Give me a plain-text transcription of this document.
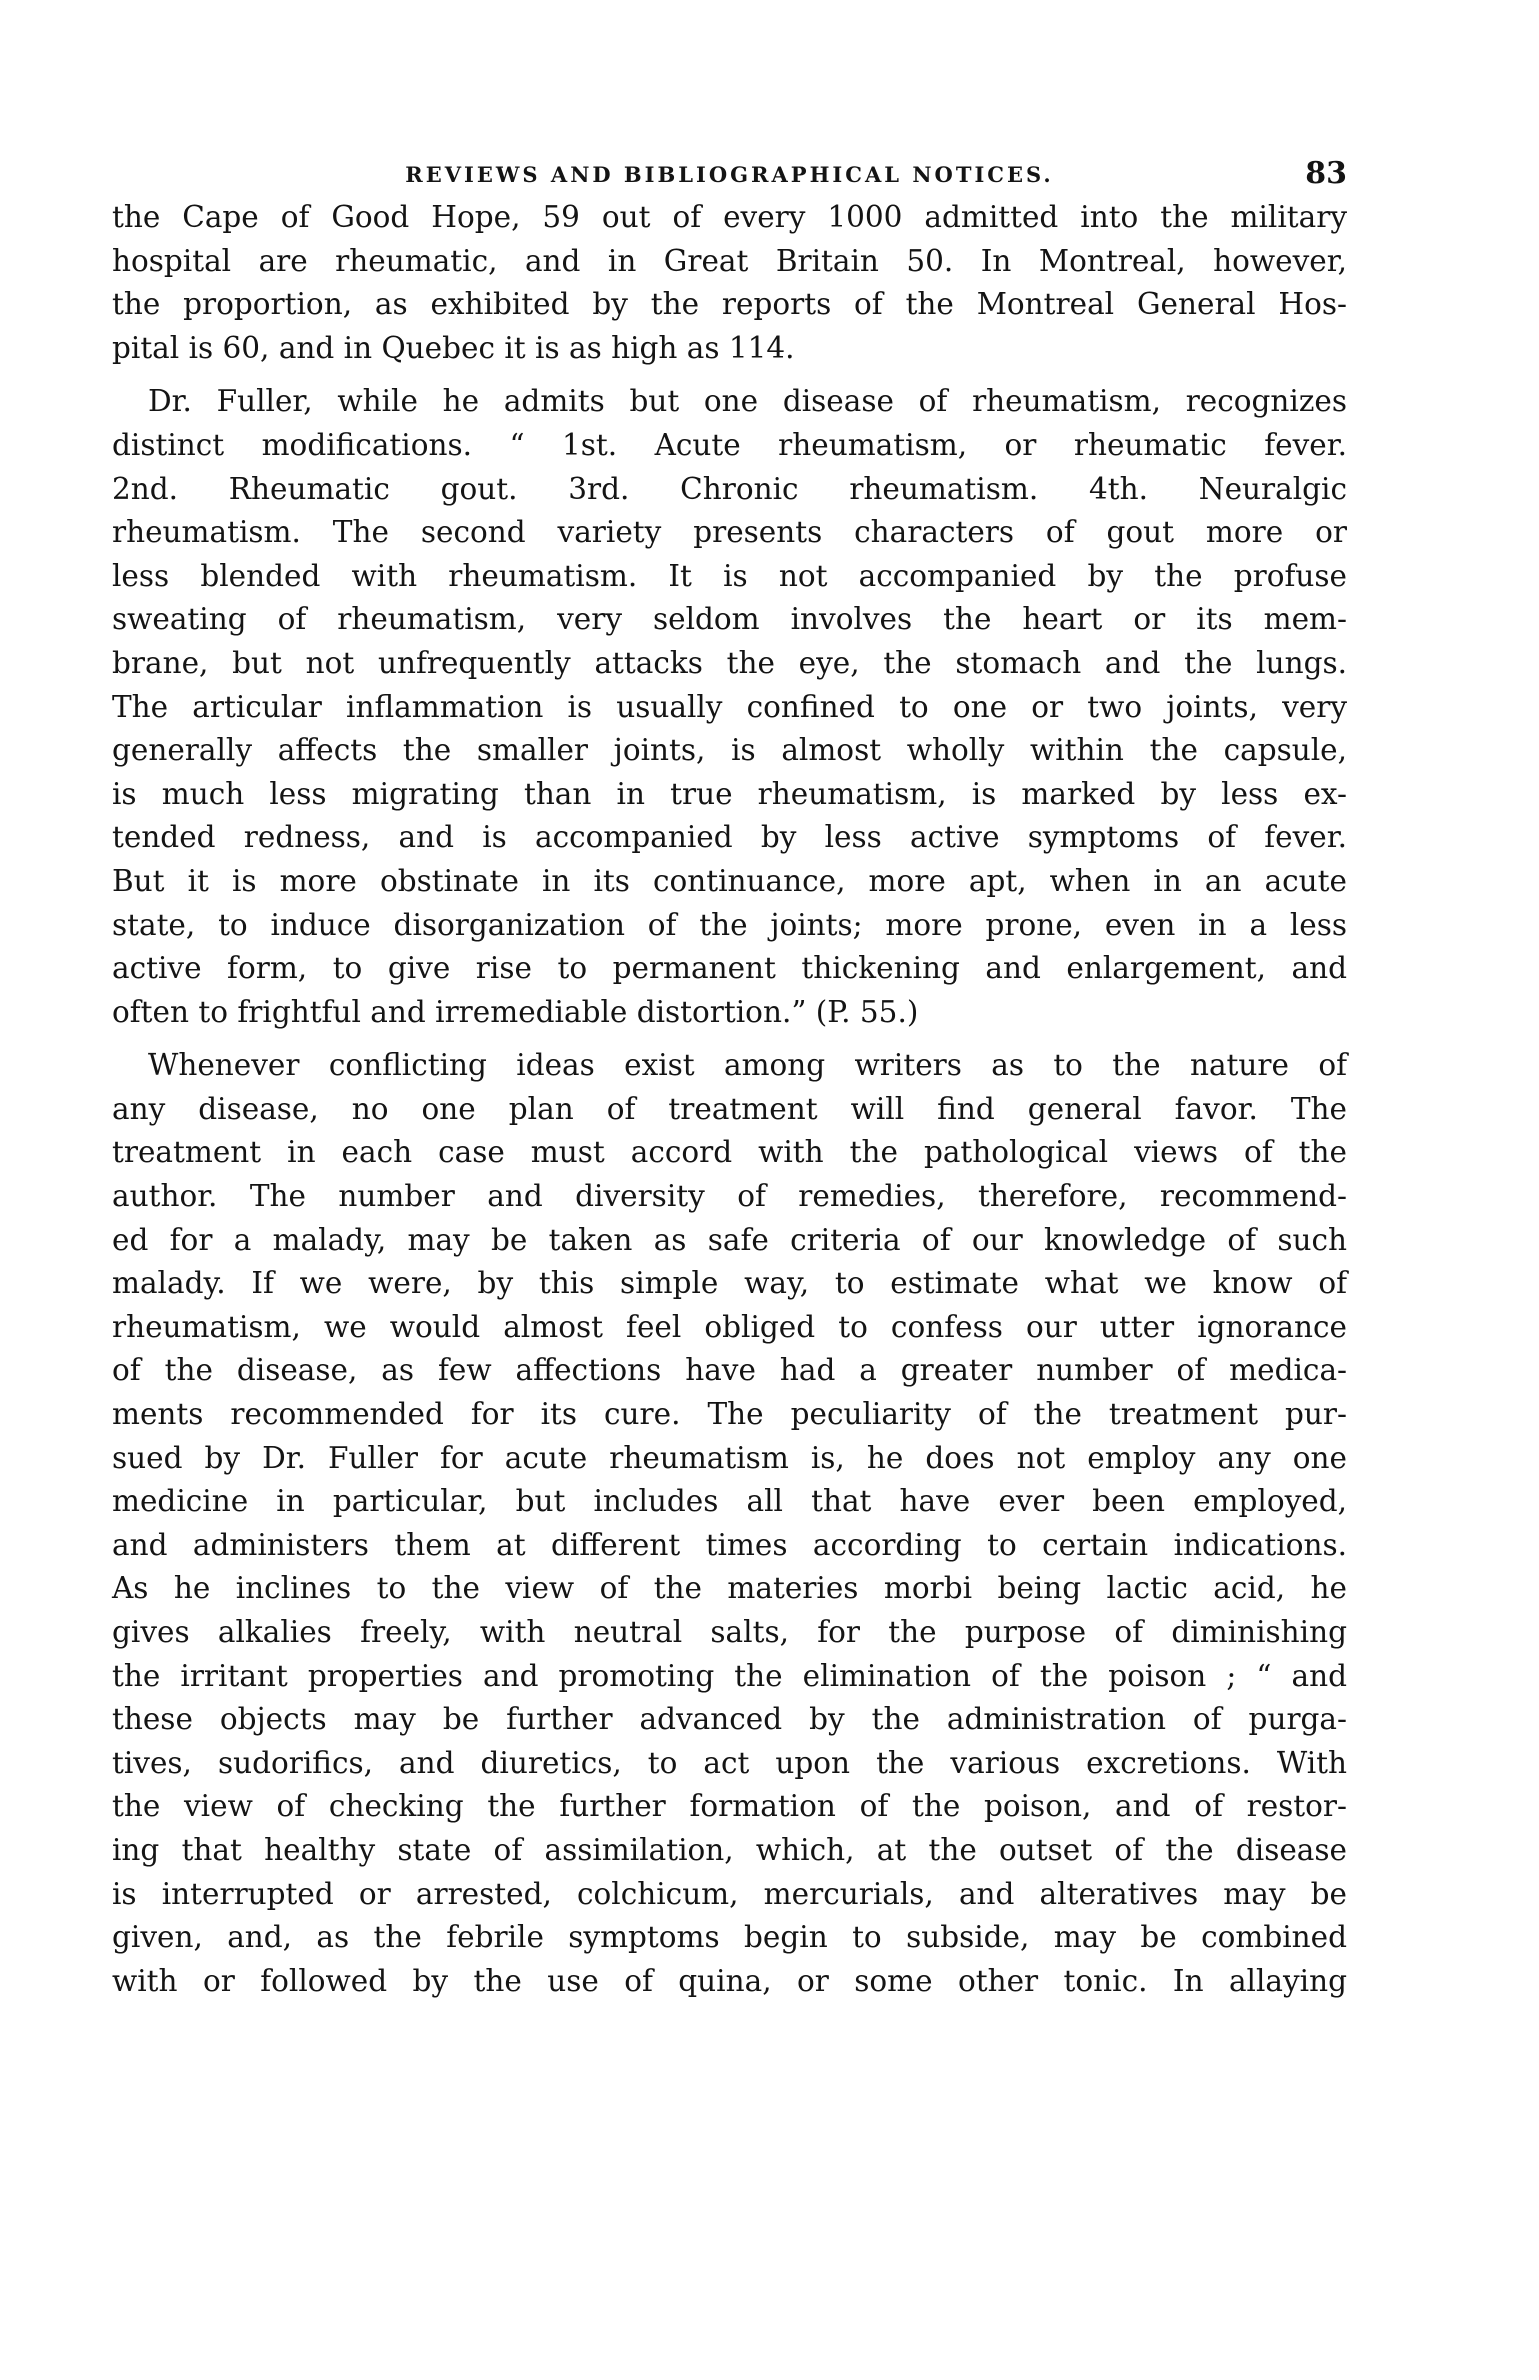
REVIEWS AND BIBLIOGRAPHICAL NOTICES.	83
the Cape of Good Hope, 59 out of every 1000 admitted into the military
hospital are rheumatic, and in Great Britain 50. In Montreal, however,
the proportion, as exhibited by the reports of the Montreal General Hos-
pital is 60, and in Quebec it is as high as 114.
Dr. Fuller, while he admits but one disease of rheumatism, recognizes
distinct modifications. “ 1st. Acute rheumatism, or rheumatic fever.
2nd. Rheumatic gout. 3rd. Chronic rheumatism. 4th. Neuralgic
rheumatism. The second variety presents characters of gout more or
less blended with rheumatism. It is not accompanied by the profuse
sweating of rheumatism, very seldom involves the heart or its mem-
brane, but not unfrequently attacks the eye, the stomach and the lungs.
The articular inflammation is usually confined to one or two joints, very
generally affects the smaller joints, is almost wholly within the capsule,
is much less migrating than in true rheumatism, is marked by less ex-
tended redness, and is accompanied by less active symptoms of fever.
But it is more obstinate in its continuance, more apt, when in an acute
state, to induce disorganization of the joints; more prone, even in a less
active form, to give rise to permanent thickening and enlargement, and
often to frightful and irremediable distortion.” (P. 55.)
Whenever conflicting ideas exist among writers as to the nature of
any disease, no one plan of treatment will find general favor. The
treatment in each case must accord with the pathological views of the
author. The number and diversity of remedies, therefore, recommend-
ed for a malady, may be taken as safe criteria of our knowledge of such
malady. If we were, by this simple way, to estimate what we know of
rheumatism, we would almost feel obliged to confess our utter ignorance
of the disease, as few affections have had a greater number of medica-
ments recommended for its cure. The peculiarity of the treatment pur-
sued by Dr. Fuller for acute rheumatism is, he does not employ any one
medicine in particular, but includes all that have ever been employed,
and administers them at different times according to certain indications.
As he inclines to the view of the materies morbi being lactic acid, he
gives alkalies freely, with neutral salts, for the purpose of diminishing
the irritant properties and promoting the elimination of the poison ; “ and
these objects may be further advanced by the administration of purga-
tives, sudorifics, and diuretics, to act upon the various excretions. With
the view of checking the further formation of the poison, and of restor-
ing that healthy state of assimilation, which, at the outset of the disease
is interrupted or arrested, colchicum, mercurials, and alteratives may be
given, and, as the febrile symptoms begin to subside, may be combined
with or followed by the use of quina, or some other tonic. In allaying
